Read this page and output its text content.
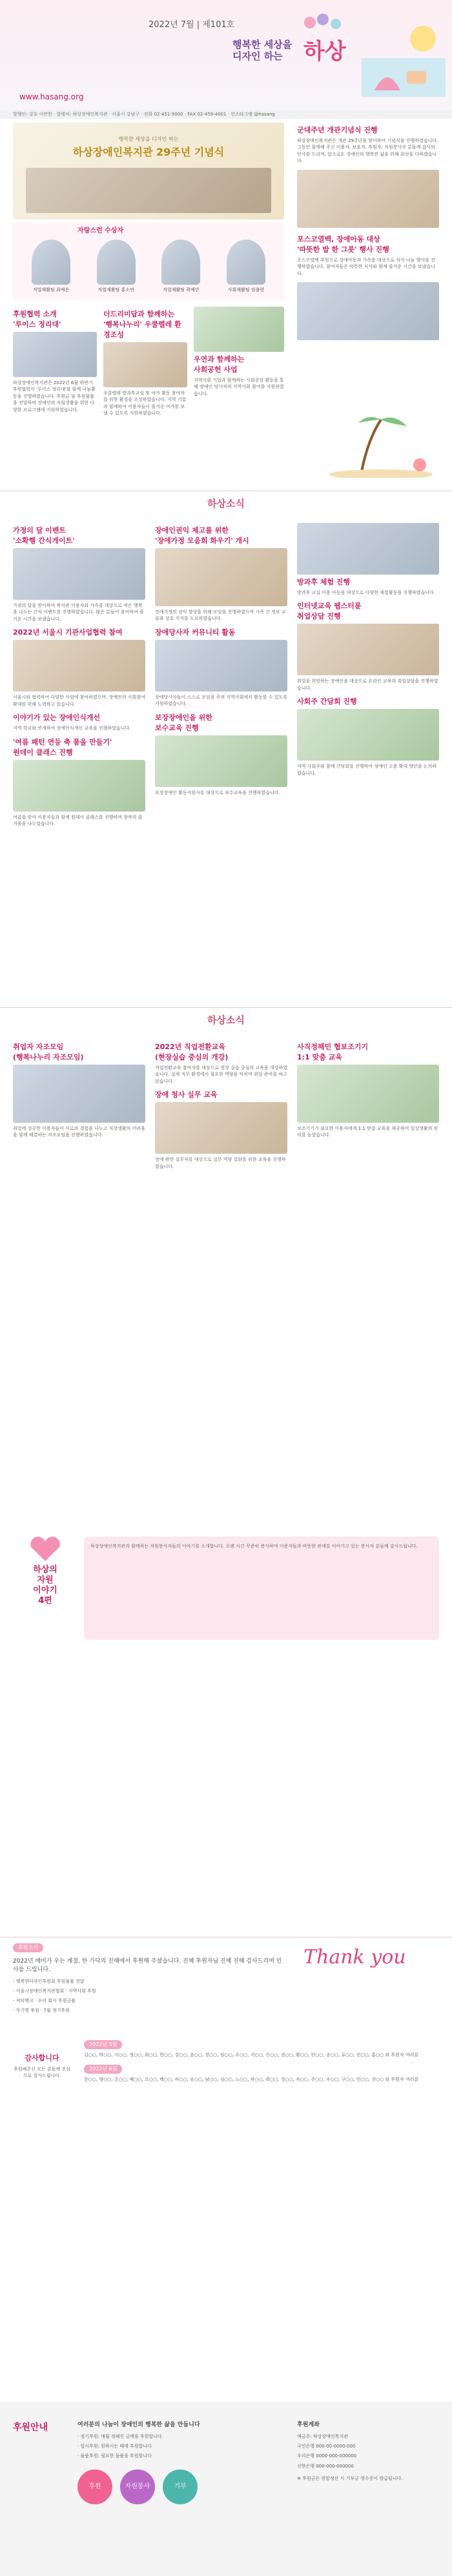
2022년 7월 | 제101호
행복한 세상을
디자인 하는 하상
www.hasang.org
발행인: 강호 이안한 · 발행처: 하상장애인복지관 · 서울시 강남구 · 전화 02-451-9000 · FAX 02-459-4001 · 인스타그램 @hasang
행복한 세상을 디자인 하는
하상장애인복지관 29주년 기념식
자랑스런 수상자
직업재활팀 최예은	직업재활팀 홍소연	직업재활팀 곽예린	사회재활팀 임출현
후원협력 소개
'루이스 정리대'
하상장애인복지관은 2022년 6월 하반기 후원협력사 '루이스 정리대'와 함께 나눔활동을 진행하였습니다. 후원금 및 후원물품을 전달하며 장애인의 자립생활을 위한 다양한 프로그램에 지원하였습니다.
더드리미답과 함께하는
'행복나누리' 우쿨렐레 환경조성
우쿨렐레 방과후교실 및 여가 활동 참여자를 위한 환경을 조성하였습니다. 지역 기업과 함께하여 이용자들이 즐거운 여가를 보낼 수 있도록 지원하였습니다.
우연과 함께하는
사회공헌 사업
지역사회 기업과 함께하는 사회공헌 활동을 통해 장애인 당사자의 지역사회 참여를 지원하였습니다.
군대주년 개관기념식 진행
하상장애인복지관은 개관 29주년을 맞이하여 기념식을 진행하였습니다. 그동안 함께해 주신 이용자, 보호자, 후원자, 자원봉사자 분들께 감사의 인사를 드리며, 앞으로도 장애인의 행복한 삶을 위해 최선을 다하겠습니다.
포스코열백, 장애아동 대상
'따뜻한 밥 한 그릇' 행사 진행
포스코열백 후원으로 장애아동과 가족을 대상으로 식사 나눔 행사를 진행하였습니다. 참여자들은 따뜻한 식사와 함께 즐거운 시간을 보냈습니다.
하상소식
가정의 달 이벤트
'소확행 간식게이트'
가정의 달을 맞이하여 복지관 이용자와 가족을 대상으로 작은 행복을 나누는 간식 이벤트를 진행하였습니다. 많은 분들이 참여하여 즐거운 시간을 보냈습니다.
2022년 서울시 기관사업협력 참여
서울시와 협력하여 다양한 사업에 참여하였으며, 장애인의 사회참여 확대를 위해 노력하고 있습니다.
이야기가 있는 장애인식개선
지역 학교와 연계하여 장애인식개선 교육을 진행하였습니다.
'여름 패턴 연등 축 품을 만들기'
원데이 클래스 진행
여름을 맞아 이용자들과 함께 원데이 클래스를 진행하며 창작의 즐거움을 나누었습니다.
장애인권익 제고를 위한
'장애가정 모음회 화우기' 개시
장애가정의 권익 향상을 위해 모임을 진행하였으며 가족 간 정보 교류와 상호 지지를 도모하였습니다.
장애당사자 커뮤니티 활동
장애당사자들이 스스로 모임을 꾸려 지역사회에서 활동할 수 있도록 지원하였습니다.
보장장애인을 위한
보수교육 진행
보장장애인 활동지원사를 대상으로 보수교육을 진행하였습니다.
방과후 체험 진행
방과후 교실 이용 아동을 대상으로 다양한 체험활동을 진행하였습니다.
인터넷교육 웹스터륜
취업상담 진행
취업을 희망하는 장애인을 대상으로 온라인 교육과 취업상담을 진행하였습니다.
사회주 간담회 진행
지역 사회주와 함께 간담회를 진행하여 장애인 고용 확대 방안을 논의하였습니다.
하상소식
취업자 자조모임
(행복나누리 자조모임)
취업에 성공한 이용자들이 서로의 경험을 나누고 직장생활의 어려움을 함께 해결하는 자조모임을 진행하였습니다.
2022년 직업전환교육
(현장실습 중심의 개강)
직업전환교육 참여자를 대상으로 현장 실습 중심의 교육을 개강하였습니다. 실제 직무 환경에서 필요한 역량을 익히며 취업 준비를 하고 있습니다.
장애 청사 실무 교육
장애 관련 실무자를 대상으로 실무 역량 강화를 위한 교육을 진행하였습니다.
사직정해민 협보조기기
1:1 맞춤 교육
보조기기가 필요한 이용자에게 1:1 맞춤 교육을 제공하여 일상생활의 편의를 높였습니다.
하상의
자원
이야기
4편
하상장애인복지관과 함께하는 자원봉사자들의 이야기를 소개합니다. 오랜 시간 꾸준히 봉사하며 이용자들과 따뜻한 관계를 이어가고 있는 봉사자 분들께 감사드립니다.
후원소식
2022년 매미가 우는 계절, 한 가닥의 진혜에서 후원해 주셨습니다. 진혜 후원자님 진혜 진혜 감사드리며 인사를 드립니다.
- 행복한디자인후원회 후원물품 전달
- 서울시장애인복지관협회 · 지역사회 후원
- 씨티뱅크 · 우리 회사 후원금품
- 무기명 후원 · 7월 정기후원
Thank you
감사합니다
후원해주신 모든 분들께 진심으로 감사드립니다.
2022년 5월
김○○, 박○○, 이○○, 정○○, 최○○, 한○○, 강○○, 윤○○, 장○○, 임○○, 오○○, 서○○, 신○○, 권○○, 황○○, 안○○, 송○○, 류○○, 전○○, 홍○○ 외 후원자 여러분
2022년 6월
문○○, 양○○, 손○○, 배○○, 조○○, 백○○, 허○○, 유○○, 남○○, 심○○, 노○○, 하○○, 곽○○, 성○○, 차○○, 주○○, 우○○, 구○○, 민○○, 진○○ 외 후원자 여러분
후원안내	여러분의 나눔이 장애인의 행복한 삶을 만듭니다
· 정기후원: 매월 정해진 금액을 후원합니다
· 일시후원: 원하시는 때에 후원합니다
· 물품후원: 필요한 물품을 후원합니다
후원	자원봉사	기부
후원계좌
예금주: 하상장애인복지관
국민은행 000-00-0000-000
우리은행 0000-000-000000
신한은행 000-000-000000
※ 후원금은 연말정산 시 기부금 영수증이 발급됩니다.
